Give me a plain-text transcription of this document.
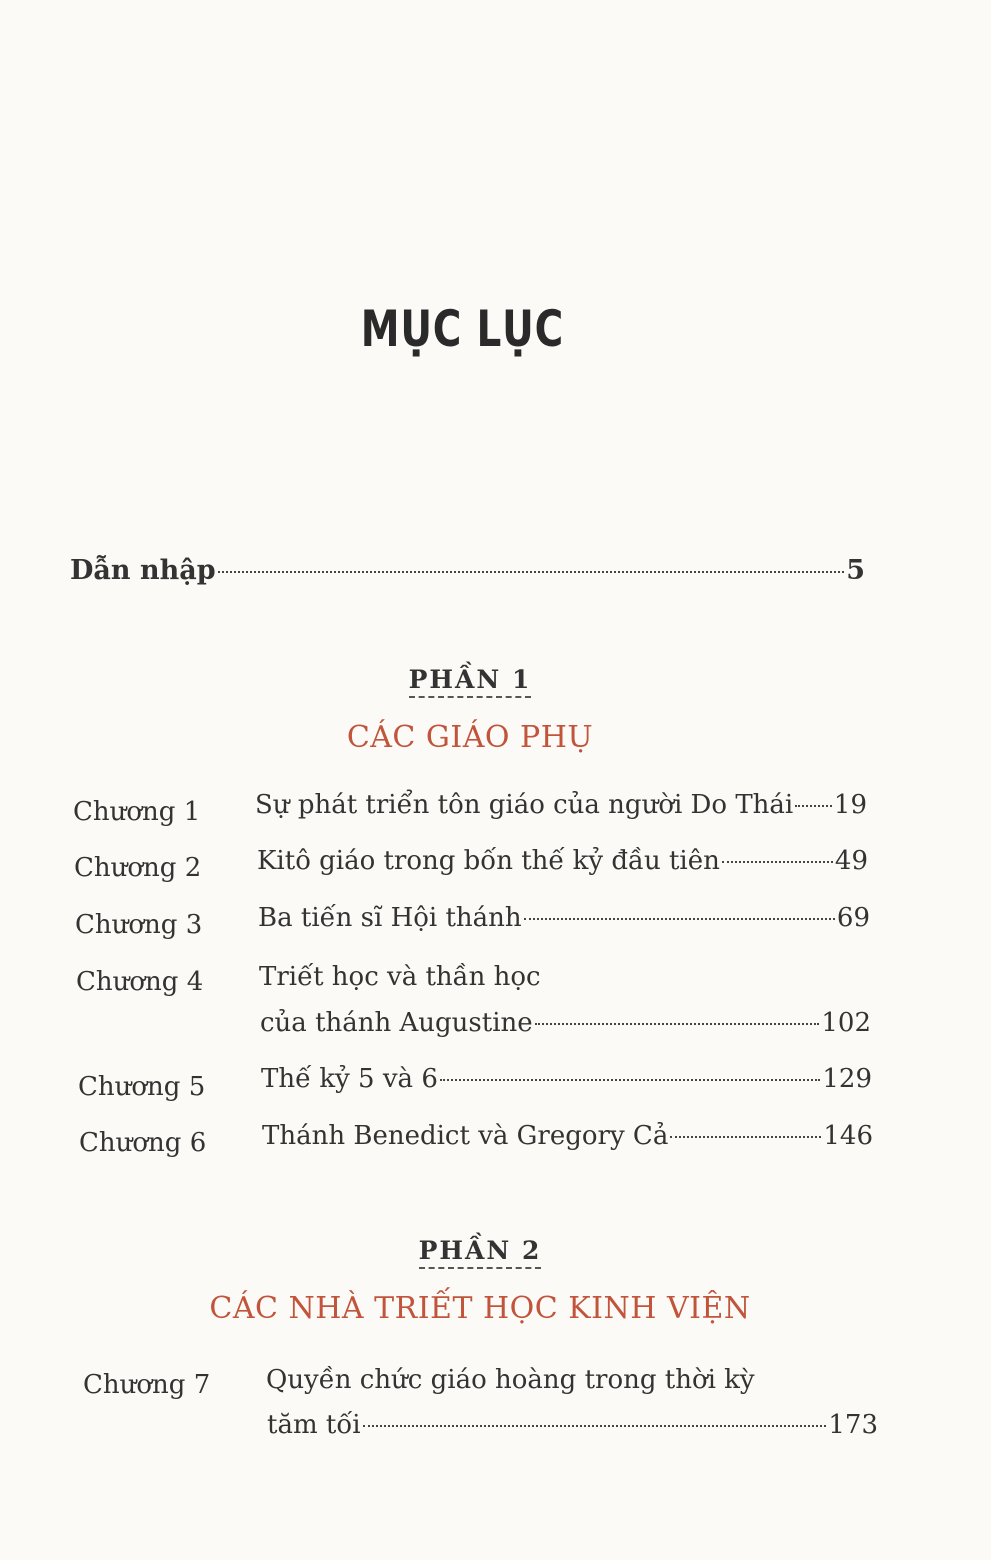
MỤC LỤC
Dẫn nhập	5
PHẦN 1
CÁC GIÁO PHỤ
Chương 1 Sự phát triển tôn giáo của người Do Thái 19
Chương 2 Kitô giáo trong bốn thế kỷ đầu tiên	49
Chương 3 Ba tiến sĩ Hội thánh	69
Chương 4 Triết học và thần học
của thánh Augustine	102
Chương 5 Thế kỷ 5 và 6	129
Chương 6 Thánh Benedict và Gregory Cả	146
PHẦN 2
CÁC NHÀ TRIẾT HỌC KINH VIỆN
Chương 7 Quyền chức giáo hoàng trong thời kỳ
tăm tối	173
